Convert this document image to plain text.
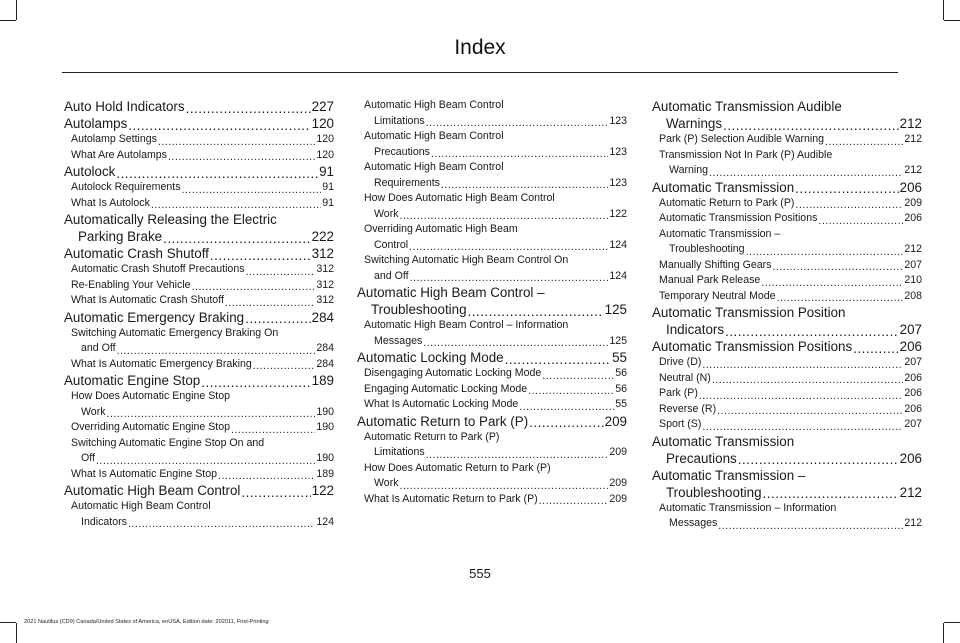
Index
Auto Hold Indicators .....	227
Autolamps .....	120
Autolamp Settings .....	120
What Are Autolamps .....	120
Autolock .....	91
Autolock Requirements .....	91
What Is Autolock .....	91
Automatically Releasing the Electric
Parking Brake .....	222
Automatic Crash Shutoff .....	312
Automatic Crash Shutoff Precautions .....	312
Re-Enabling Your Vehicle .....	312
What Is Automatic Crash Shutoff .....	312
Automatic Emergency Braking .....	284
Switching Automatic Emergency Braking On
and Off .....	284
What Is Automatic Emergency Braking .....	284
Automatic Engine Stop .....	189
How Does Automatic Engine Stop
Work .....	190
Overriding Automatic Engine Stop .....	190
Switching Automatic Engine Stop On and
Off .....	190
What Is Automatic Engine Stop .....	189
Automatic High Beam Control .....	122
Automatic High Beam Control
Indicators .....	124
Automatic High Beam Control
Limitations .....	123
Automatic High Beam Control
Precautions .....	123
Automatic High Beam Control
Requirements .....	123
How Does Automatic High Beam Control
Work .....	122
Overriding Automatic High Beam
Control .....	124
Switching Automatic High Beam Control On
and Off .....	124
Automatic High Beam Control –
Troubleshooting .....	125
Automatic High Beam Control – Information
Messages .....	125
Automatic Locking Mode .....	55
Disengaging Automatic Locking Mode .....	56
Engaging Automatic Locking Mode .....	56
What Is Automatic Locking Mode .....	55
Automatic Return to Park (P) .....	209
Automatic Return to Park (P)
Limitations .....	209
How Does Automatic Return to Park (P)
Work .....	209
What Is Automatic Return to Park (P) .....	209
Automatic Transmission Audible
Warnings .....	212
Park (P) Selection Audible Warning .....	212
Transmission Not In Park (P) Audible
Warning .....	212
Automatic Transmission .....	206
Automatic Return to Park (P) .....	209
Automatic Transmission Positions .....	206
Automatic Transmission –
Troubleshooting .....	212
Manually Shifting Gears .....	207
Manual Park Release .....	210
Temporary Neutral Mode .....	208
Automatic Transmission Position
Indicators .....	207
Automatic Transmission Positions .....	206
Drive (D) .....	207
Neutral (N) .....	206
Park (P) .....	206
Reverse (R) .....	206
Sport (S) .....	207
Automatic Transmission
Precautions .....	206
Automatic Transmission –
Troubleshooting .....	212
Automatic Transmission – Information
Messages .....	212
555
2021 Nautilus (CD9) Canada/United States of America, enUSA, Edition date: 202011, First-Printing
